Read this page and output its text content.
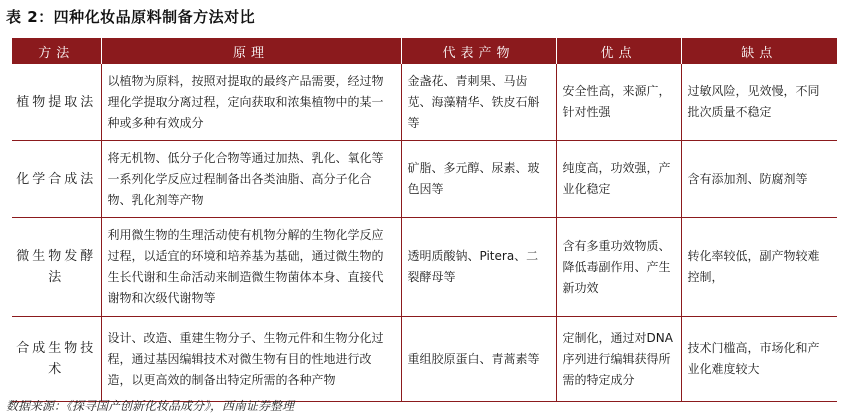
表 2：四种化妆品原料制备方法对比
方法	原理	代表产物	优点	缺点
植物提取法	以植物为原料，按照对提取的最终产品需要，经过物理化学提取分离过程，定向获取和浓集植物中的某一种或多种有效成分	金盏花、青刺果、马齿苋、海藻精华、铁皮石斛等	安全性高，来源广，针对性强	过敏风险，见效慢，不同批次质量不稳定
化学合成法	将无机物、低分子化合物等通过加热、乳化、氧化等一系列化学反应过程制备出各类油脂、高分子化合物、乳化剂等产物	矿脂、多元醇、尿素、玻色因等	纯度高，功效强，产业化稳定	含有添加剂、防腐剂等
微生物发酵法	利用微生物的生理活动使有机物分解的生物化学反应过程，以适宜的环境和培养基为基础，通过微生物的生长代谢和生命活动来制造微生物菌体本身、直接代谢物和次级代谢物等	透明质酸钠、Pitera、二裂酵母等	含有多重功效物质、降低毒副作用、产生新功效	转化率较低，副产物较难控制，
合成生物技术	设计、改造、重建生物分子、生物元件和生物分化过程，通过基因编辑技术对微生物有目的性地进行改造，以更高效的制备出特定所需的各种产物	重组胶原蛋白、青蒿素等	定制化，通过对DNA序列进行编辑获得所需的特定成分	技术门槛高，市场化和产业化难度较大
数据来源：《探寻国产创新化妆品成分》，西南证券整理
